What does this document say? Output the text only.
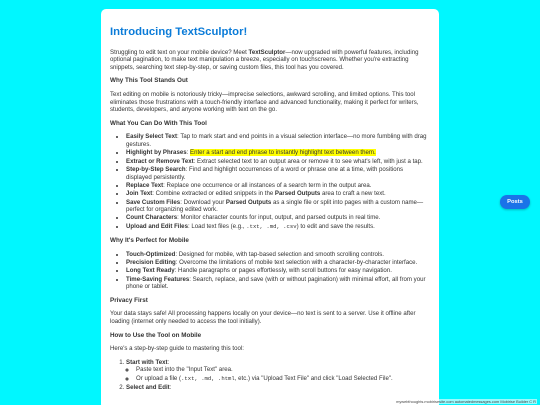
Introducing TextSculptor!

Struggling to edit text on your mobile device? Meet TextSculptor—now upgraded with powerful features, including optional pagination, to make text manipulation a breeze, especially on touchscreens. Whether you're extracting snippets, searching text step-by-step, or saving custom files, this tool has you covered.

Why This Tool Stands Out

Text editing on mobile is notoriously tricky—imprecise selections, awkward scrolling, and limited options. This tool eliminates those frustrations with a touch-friendly interface and advanced functionality, making it perfect for writers, students, developers, and anyone working with text on the go.

What You Can Do With This Tool
• Easily Select Text: Tap to mark start and end points in a visual selection interface—no more fumbling with drag gestures.
• Highlight by Phrases: Enter a start and end phrase to instantly highlight text between them.
• Extract or Remove Text: Extract selected text to an output area or remove it to see what's left, with just a tap.
• Step-by-Step Search: Find and highlight occurrences of a word or phrase one at a time, with positions displayed persistently.
• Replace Text: Replace one occurrence or all instances of a search term in the output area.
• Join Text: Combine extracted or edited snippets in the Parsed Outputs area to craft a new text.
• Save Custom Files: Download your Parsed Outputs as a single file or split into pages with a custom name—perfect for organizing edited work.
• Count Characters: Monitor character counts for input, output, and parsed outputs in real time.
• Upload and Edit Files: Load text files (e.g., .txt, .md, .csv) to edit and save the results.
Why It's Perfect for Mobile
• Touch-Optimized: Designed for mobile, with tap-based selection and smooth scrolling controls.
• Precision Editing: Overcome the limitations of mobile text selection with a character-by-character interface.
• Long Text Ready: Handle paragraphs or pages effortlessly, with scroll buttons for easy navigation.
• Time-Saving Features: Search, replace, and save (with or without pagination) with minimal effort, all from your phone or tablet.
Privacy First

Your data stays safe! All processing happens locally on your device—no text is sent to a server. Use it offline after loading (internet only needed to access the tool initially).

How to Use the Tool on Mobile

Here's a step-by-step guide to mastering this tool:

1. Start with Text:
◦ Paste text into the "Input Text" area.
◦ Or upload a file (.txt, .md, .html, etc.) via "Upload Text File" and click "Load Selected File".
2. Select and Edit:
Posts
mywebthoughts.mobirisesite.com automatedmessages.com Mobirise Builder C R
